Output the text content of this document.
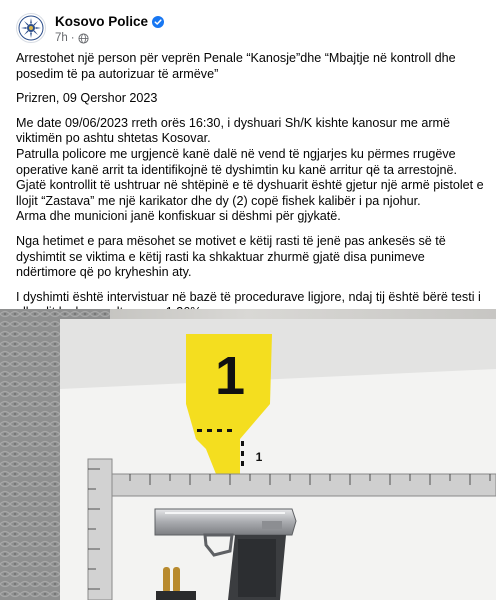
Kosovo Police
7h ·

Arrestohet një person për veprën Penale “Kanosje”dhe “Mbajtje në kontroll dhe posedim të pa autorizuar të armëve”

Prizren, 09 Qershor 2023

Me date 09/06/2023 rreth orës 16:30, i dyshuari Sh/K kishte kanosur me armë viktimën po ashtu shtetas Kosovar.

Patrulla policore me urgjencë kanë dalë në vend të ngjarjes ku përmes rrugëve operative kanë arrit ta identifikojnë të dyshimtin ku kanë arritur që ta arrestojnë.

Gjatë kontrollit të ushtruar në shtëpinë e të dyshuarit është gjetur një armë pistolet e llojit “Zastava” me një karikator dhe dy (2) copë fishek kalibër i pa njohur.

Arma dhe municioni janë konfiskuar si dëshmi për gjykatë.

Nga hetimet e para mësohet se motivet e këtij rasti të jenë pas ankesës së të dyshimtit se viktima e këtij rasti ka shkaktuar zhurmë gjatë disa punimeve ndërtimore që po kryheshin aty.

I dyshimti është intervistuar në bazë të procedurave ligjore, ndaj tij është bërë testi i

1
1
